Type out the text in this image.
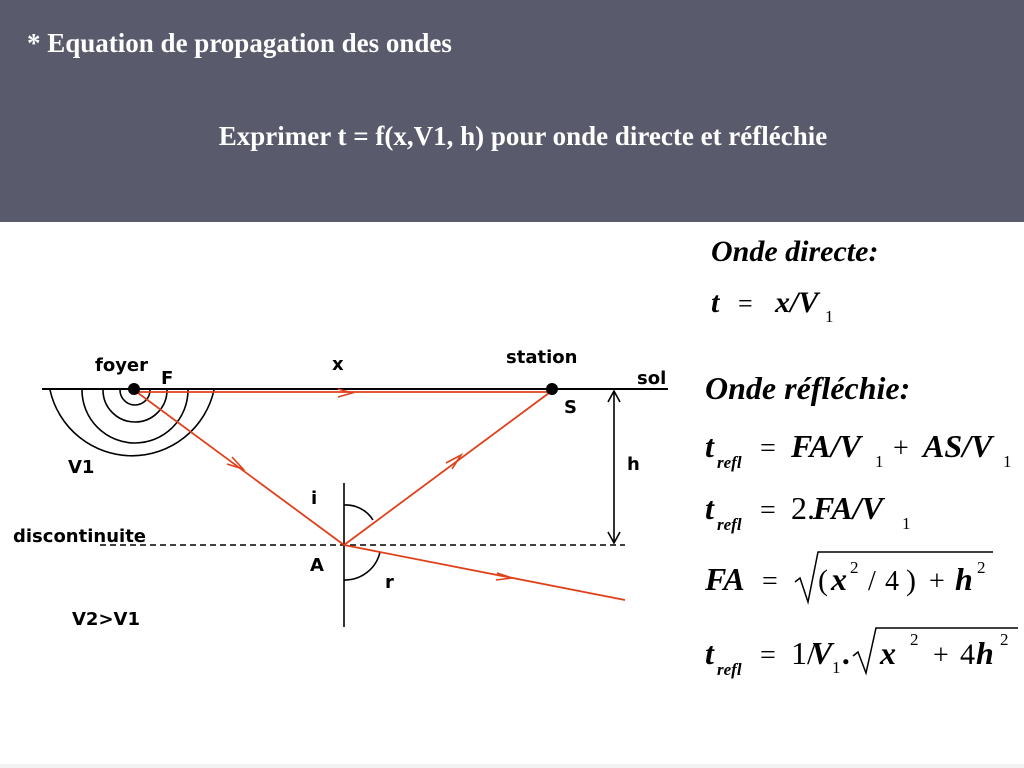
* Equation de propagation des ondes
Exprimer t = f(x,V1, h) pour onde directe et réfléchie
foyer
F
x	station
sol
S
V1	h
i
discontinuite
A
r
V2>V1
Onde directe:
t = x/V 1
Onde réfléchie:
t refl = FA/V 1 + AS/V 1
t refl = 2.
FA/V 1
FA = ( x 2 / 4 ) + h 2
t refl = 1/
V 1 . x 2
+ 4 h 2
